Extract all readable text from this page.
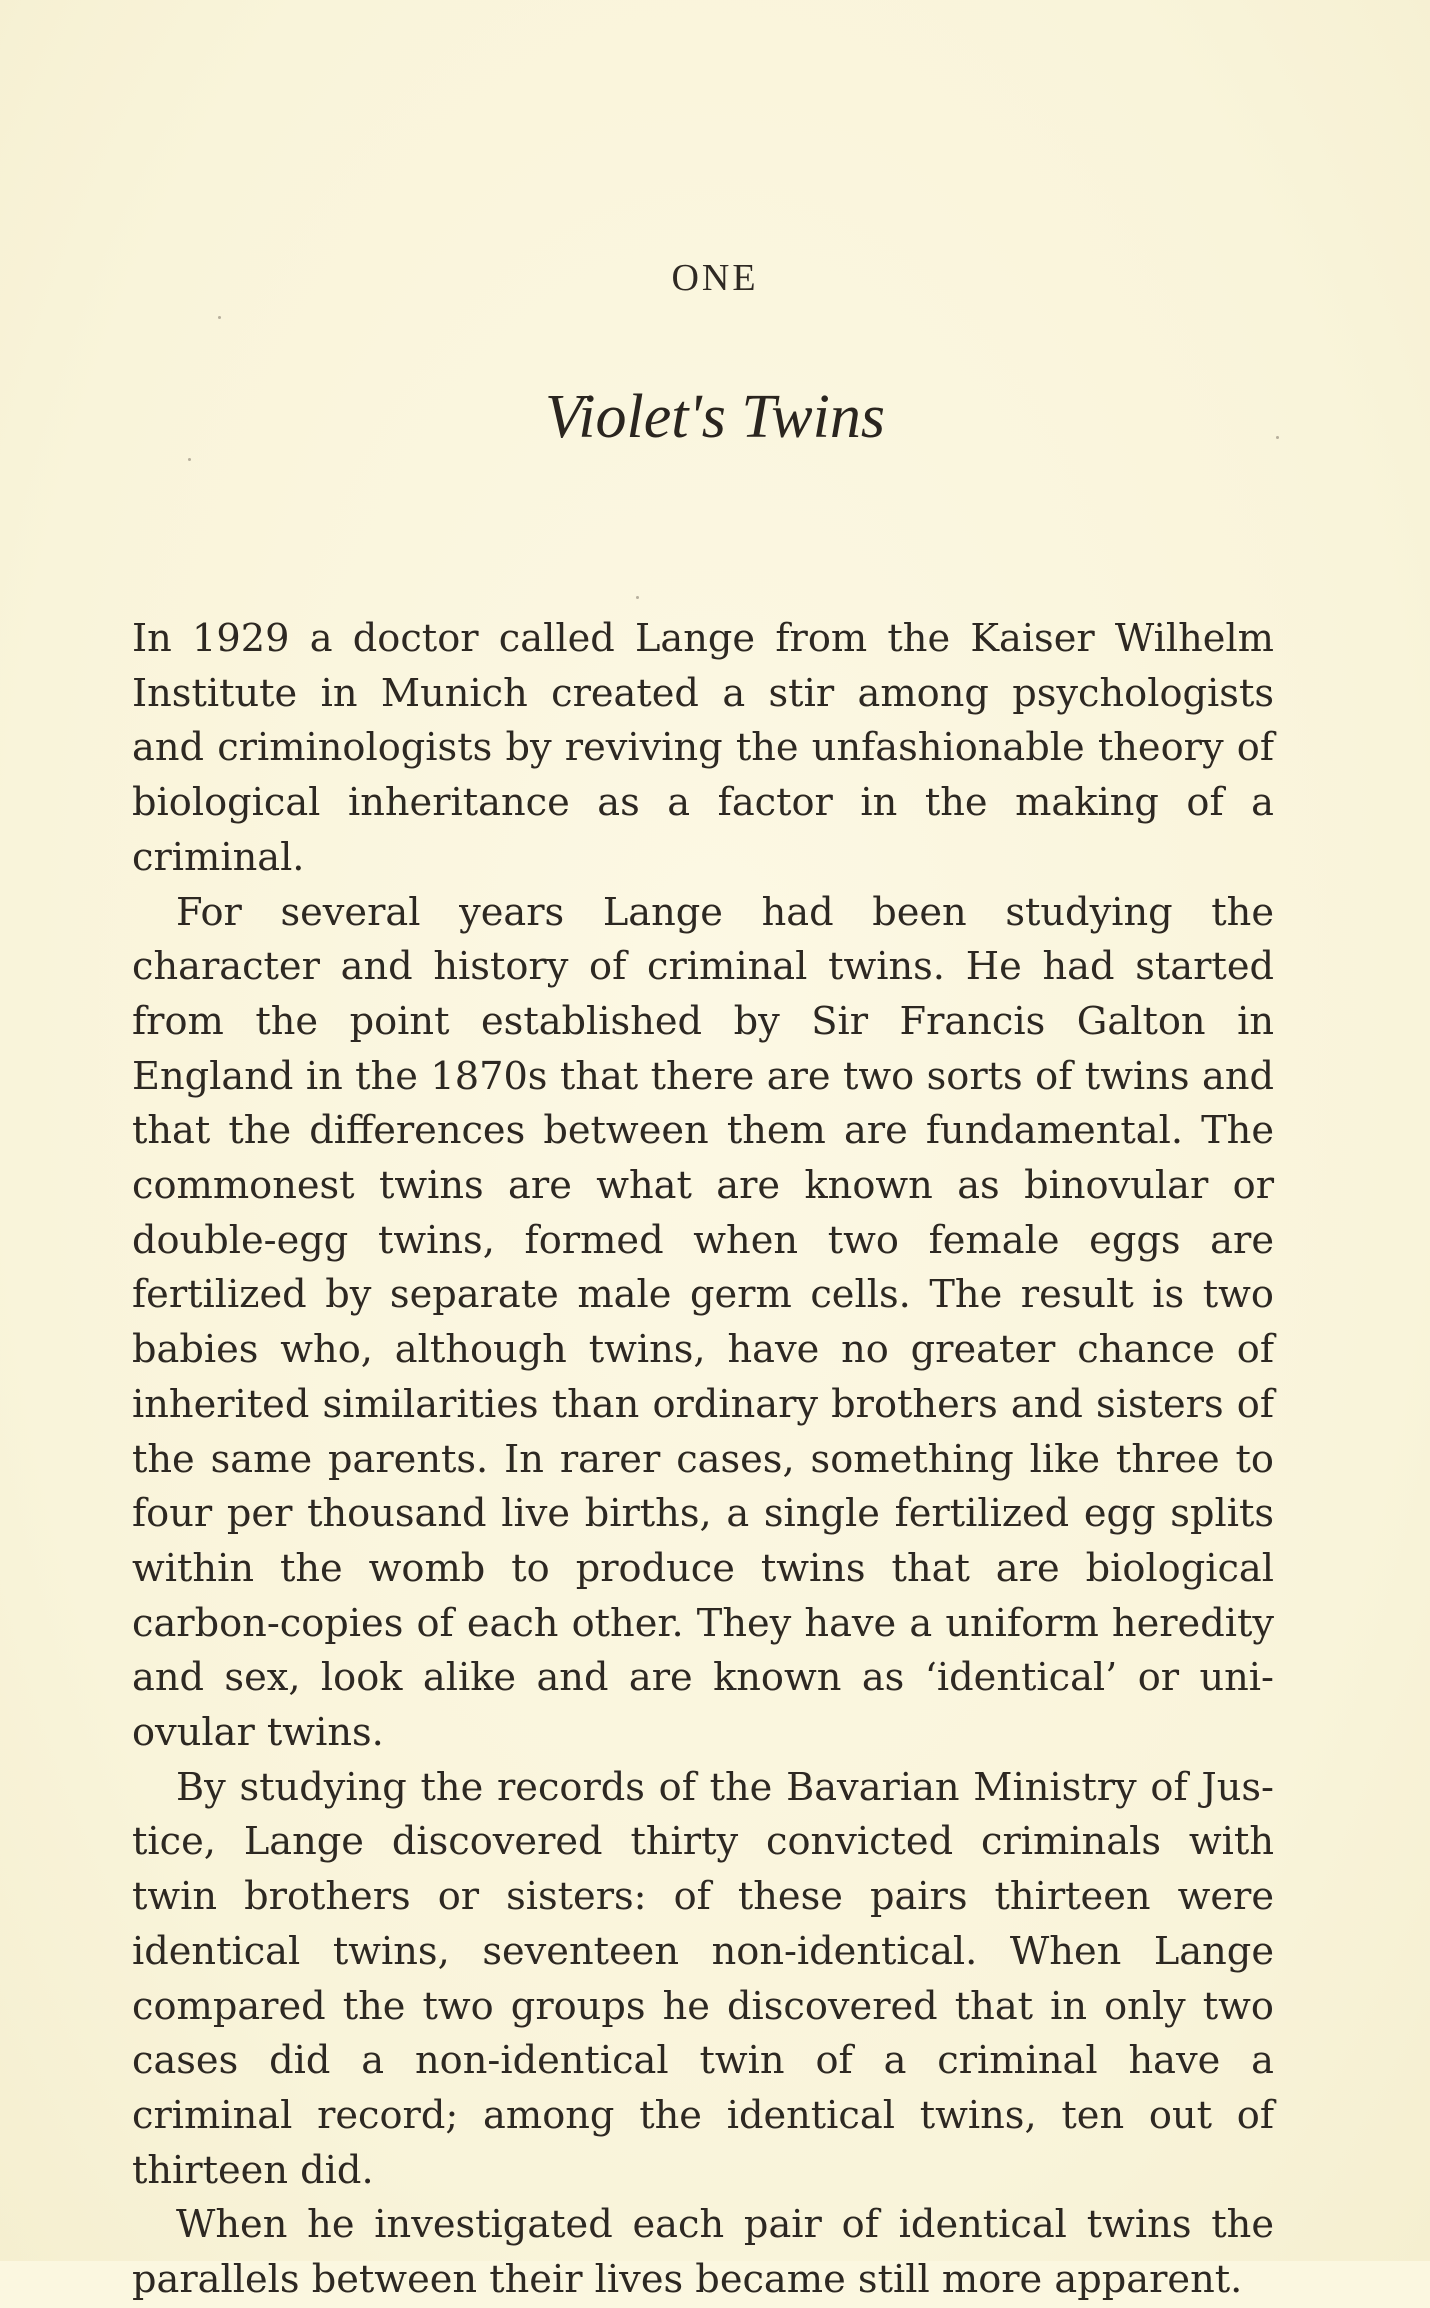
ONE
Violet's Twins

In 1929 a doctor called Lange from the Kaiser Wilhelm Institute in Munich created a stir among psychologists and criminologists by reviving the unfashionable theory of biological inheritance as a factor in the making of a criminal.

For several years Lange had been studying the character and history of criminal twins. He had started from the point established by Sir Francis Galton in England in the 1870s that there are two sorts of twins and that the differences between them are fundamental. The commonest twins are what are known as binovular or double-egg twins, formed when two female eggs are fertilized by separate male germ cells. The result is two babies who, although twins, have no greater chance of inherited similarities than ordinary brothers and sisters of the same parents. In rarer cases, something like three to four per thousand live births, a single fertilized egg splits within the womb to produce twins that are biological carbon-copies of each other. They have a uniform heredity and sex, look alike and are known as ‘identical’ or uni-ovular twins.

By studying the records of the Bavarian Ministry of Justice, Lange discovered thirty convicted criminals with twin brothers or sisters: of these pairs thirteen were identical twins, seventeen non-identical. When Lange compared the two groups he discovered that in only two cases did a non-identical twin of a criminal have a criminal record; among the identical twins, ten out of thirteen did.

When he investigated each pair of identical twins the parallels between their lives became still more apparent.
